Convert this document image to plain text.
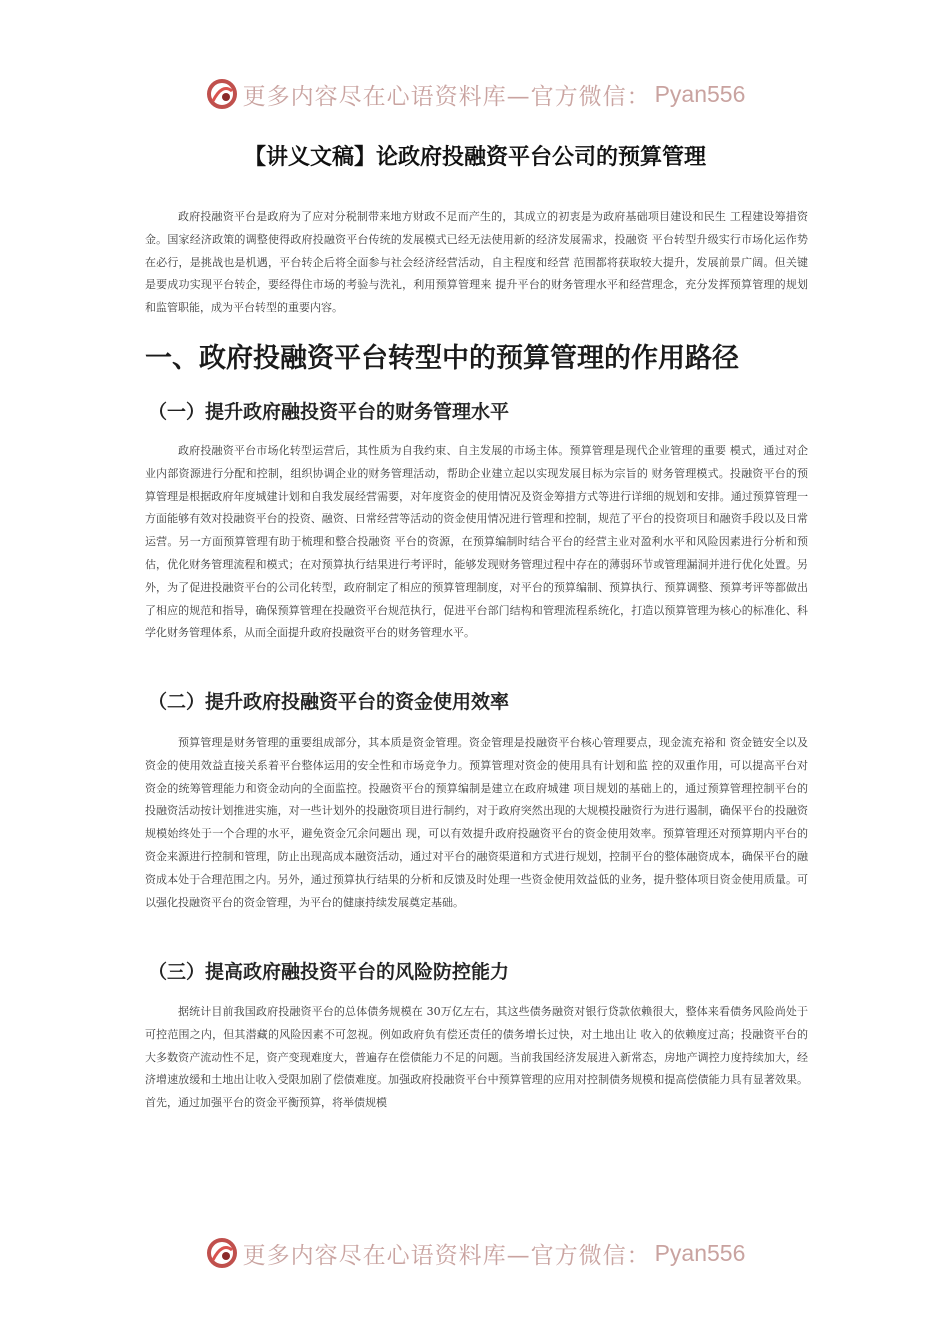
更多内容尽在心语资料库—官方微信： Pyan556
【讲义文稿】论政府投融资平台公司的预算管理

政府投融资平台是政府为了应对分税制带来地方财政不足而产生的，其成立的初衷是为政府基础项目建设和民生 工程建设筹措资金。国家经济政策的调整使得政府投融资平台传统的发展模式已经无法使用新的经济发展需求，投融资 平台转型升级实行市场化运作势在必行，是挑战也是机遇，平台转企后将全面参与社会经济经营活动，自主程度和经营 范围都将获取较大提升，发展前景广阔。但关键是要成功实现平台转企，要经得住市场的考验与洗礼，利用预算管理来 提升平台的财务管理水平和经营理念，充分发挥预算管理的规划和监管职能，成为平台转型的重要内容。

一、政府投融资平台转型中的预算管理的作用路径
（一）提升政府融投资平台的财务管理水平

政府投融资平台市场化转型运营后，其性质为自我约束、自主发展的市场主体。预算管理是现代企业管理的重要 模式，通过对企业内部资源进行分配和控制，组织协调企业的财务管理活动，帮助企业建立起以实现发展目标为宗旨的 财务管理模式。投融资平台的预算管理是根据政府年度城建计划和自我发展经营需要，对年度资金的使用情况及资金筹措方式等进行详细的规划和安排。通过预算管理一方面能够有效对投融资平台的投资、融资、日常经营等活动的资金使用情况进行管理和控制，规范了平台的投资项目和融资手段以及日常运营。另一方面预算管理有助于梳理和整合投融资 平台的资源，在预算编制时结合平台的经营主业对盈利水平和风险因素进行分析和预估，优化财务管理流程和模式；在对预算执行结果进行考评时，能够发现财务管理过程中存在的薄弱环节或管理漏洞并进行优化处置。另外，为了促进投融资平台的公司化转型，政府制定了相应的预算管理制度，对平台的预算编制、预算执行、预算调整、预算考评等都做出了相应的规范和指导，确保预算管理在投融资平台规范执行，促进平台部门结构和管理流程系统化，打造以预算管理为核心的标准化、科学化财务管理体系，从而全面提升政府投融资平台的财务管理水平。

（二）提升政府投融资平台的资金使用效率

预算管理是财务管理的重要组成部分，其本质是资金管理。资金管理是投融资平台核心管理要点，现金流充裕和 资金链安全以及资金的使用效益直接关系着平台整体运用的安全性和市场竞争力。预算管理对资金的使用具有计划和监 控的双重作用，可以提高平台对资金的统筹管理能力和资金动向的全面监控。投融资平台的预算编制是建立在政府城建 项目规划的基础上的，通过预算管理控制平台的投融资活动按计划推进实施，对一些计划外的投融资项目进行制约，对于政府突然出现的大规模投融资行为进行遏制，确保平台的投融资规模始终处于一个合理的水平，避免资金冗余问题出 现，可以有效提升政府投融资平台的资金使用效率。预算管理还对预算期内平台的资金来源进行控制和管理，防止出现高成本融资活动，通过对平台的融资渠道和方式进行规划，控制平台的整体融资成本，确保平台的融资成本处于合理范围之内。另外，通过预算执行结果的分析和反馈及时处理一些资金使用效益低的业务，提升整体项目资金使用质量。可以强化投融资平台的资金管理，为平台的健康持续发展奠定基础。

（三）提高政府融投资平台的风险防控能力

据统计目前我国政府投融资平台的总体债务规模在 30万亿左右，其这些债务融资对银行贷款依赖很大，整体来看债务风险尚处于可控范围之内，但其潜藏的风险因素不可忽视。例如政府负有偿还责任的债务增长过快，对土地出让 收入的依赖度过高；投融资平台的大多数资产流动性不足，资产变现难度大，普遍存在偿债能力不足的问题。当前我国经济发展进入新常态，房地产调控力度持续加大，经济增速放缓和土地出让收入受限加剧了偿债难度。加强政府投融资平台中预算管理的应用对控制债务规模和提高偿债能力具有显著效果。首先，通过加强平台的资金平衡预算，将举债规模

更多内容尽在心语资料库—官方微信： Pyan556
